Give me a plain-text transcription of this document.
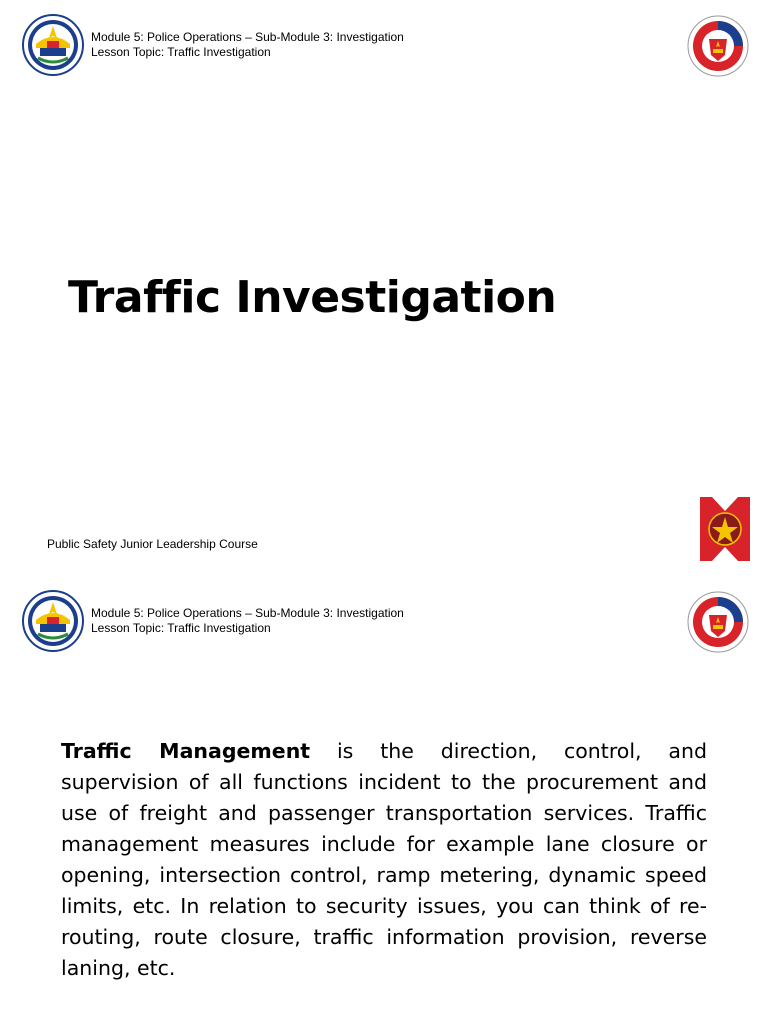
Module 5: Police Operations – Sub-Module 3: Investigation
Lesson Topic: Traffic Investigation
Traffic Investigation
Public Safety Junior Leadership Course
Module 5: Police Operations – Sub-Module 3: Investigation
Lesson Topic: Traffic Investigation

Traffic Management is the direction, control, and supervision of all functions incident to the procurement and use of freight and passenger transportation services. Traffic management measures include for example lane closure or opening, intersection control, ramp metering, dynamic speed limits, etc. In relation to security issues, you can think of re-routing, route closure, traffic information provision, reverse laning, etc.
